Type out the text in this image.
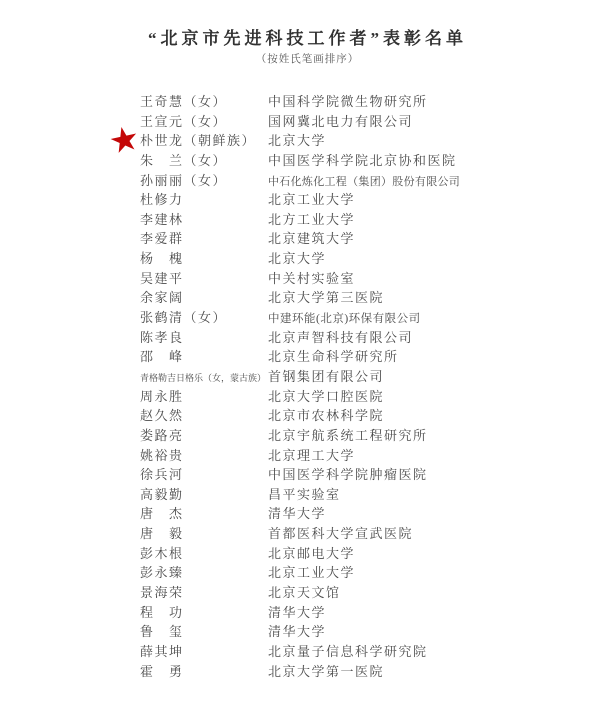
“北京市先进科技工作者”表彰名单
（按姓氏笔画排序）
★
王奇慧（女）	中国科学院微生物研究所
王宣元（女）	国网冀北电力有限公司
朴世龙（朝鲜族） 北京大学
朱　兰（女）	中国医学科学院北京协和医院
孙丽丽（女）	中石化炼化工程（集团）股份有限公司
杜修力	北京工业大学
李建林	北方工业大学
李爱群	北京建筑大学
杨　槐	北京大学
吴建平	中关村实验室
余家阔	北京大学第三医院
张鹤清（女）	中建环能(北京)环保有限公司
陈孝良	北京声智科技有限公司
邵　峰	北京生命科学研究所
青格勒吉日格乐（女，蒙古族） 首钢集团有限公司
周永胜	北京大学口腔医院
赵久然	北京市农林科学院
娄路亮	北京宇航系统工程研究所
姚裕贵	北京理工大学
徐兵河	中国医学科学院肿瘤医院
高毅勤	昌平实验室
唐　杰	清华大学
唐　毅	首都医科大学宣武医院
彭木根	北京邮电大学
彭永臻	北京工业大学
景海荣	北京天文馆
程　功	清华大学
鲁　玺	清华大学
薛其坤	北京量子信息科学研究院
霍　勇	北京大学第一医院
